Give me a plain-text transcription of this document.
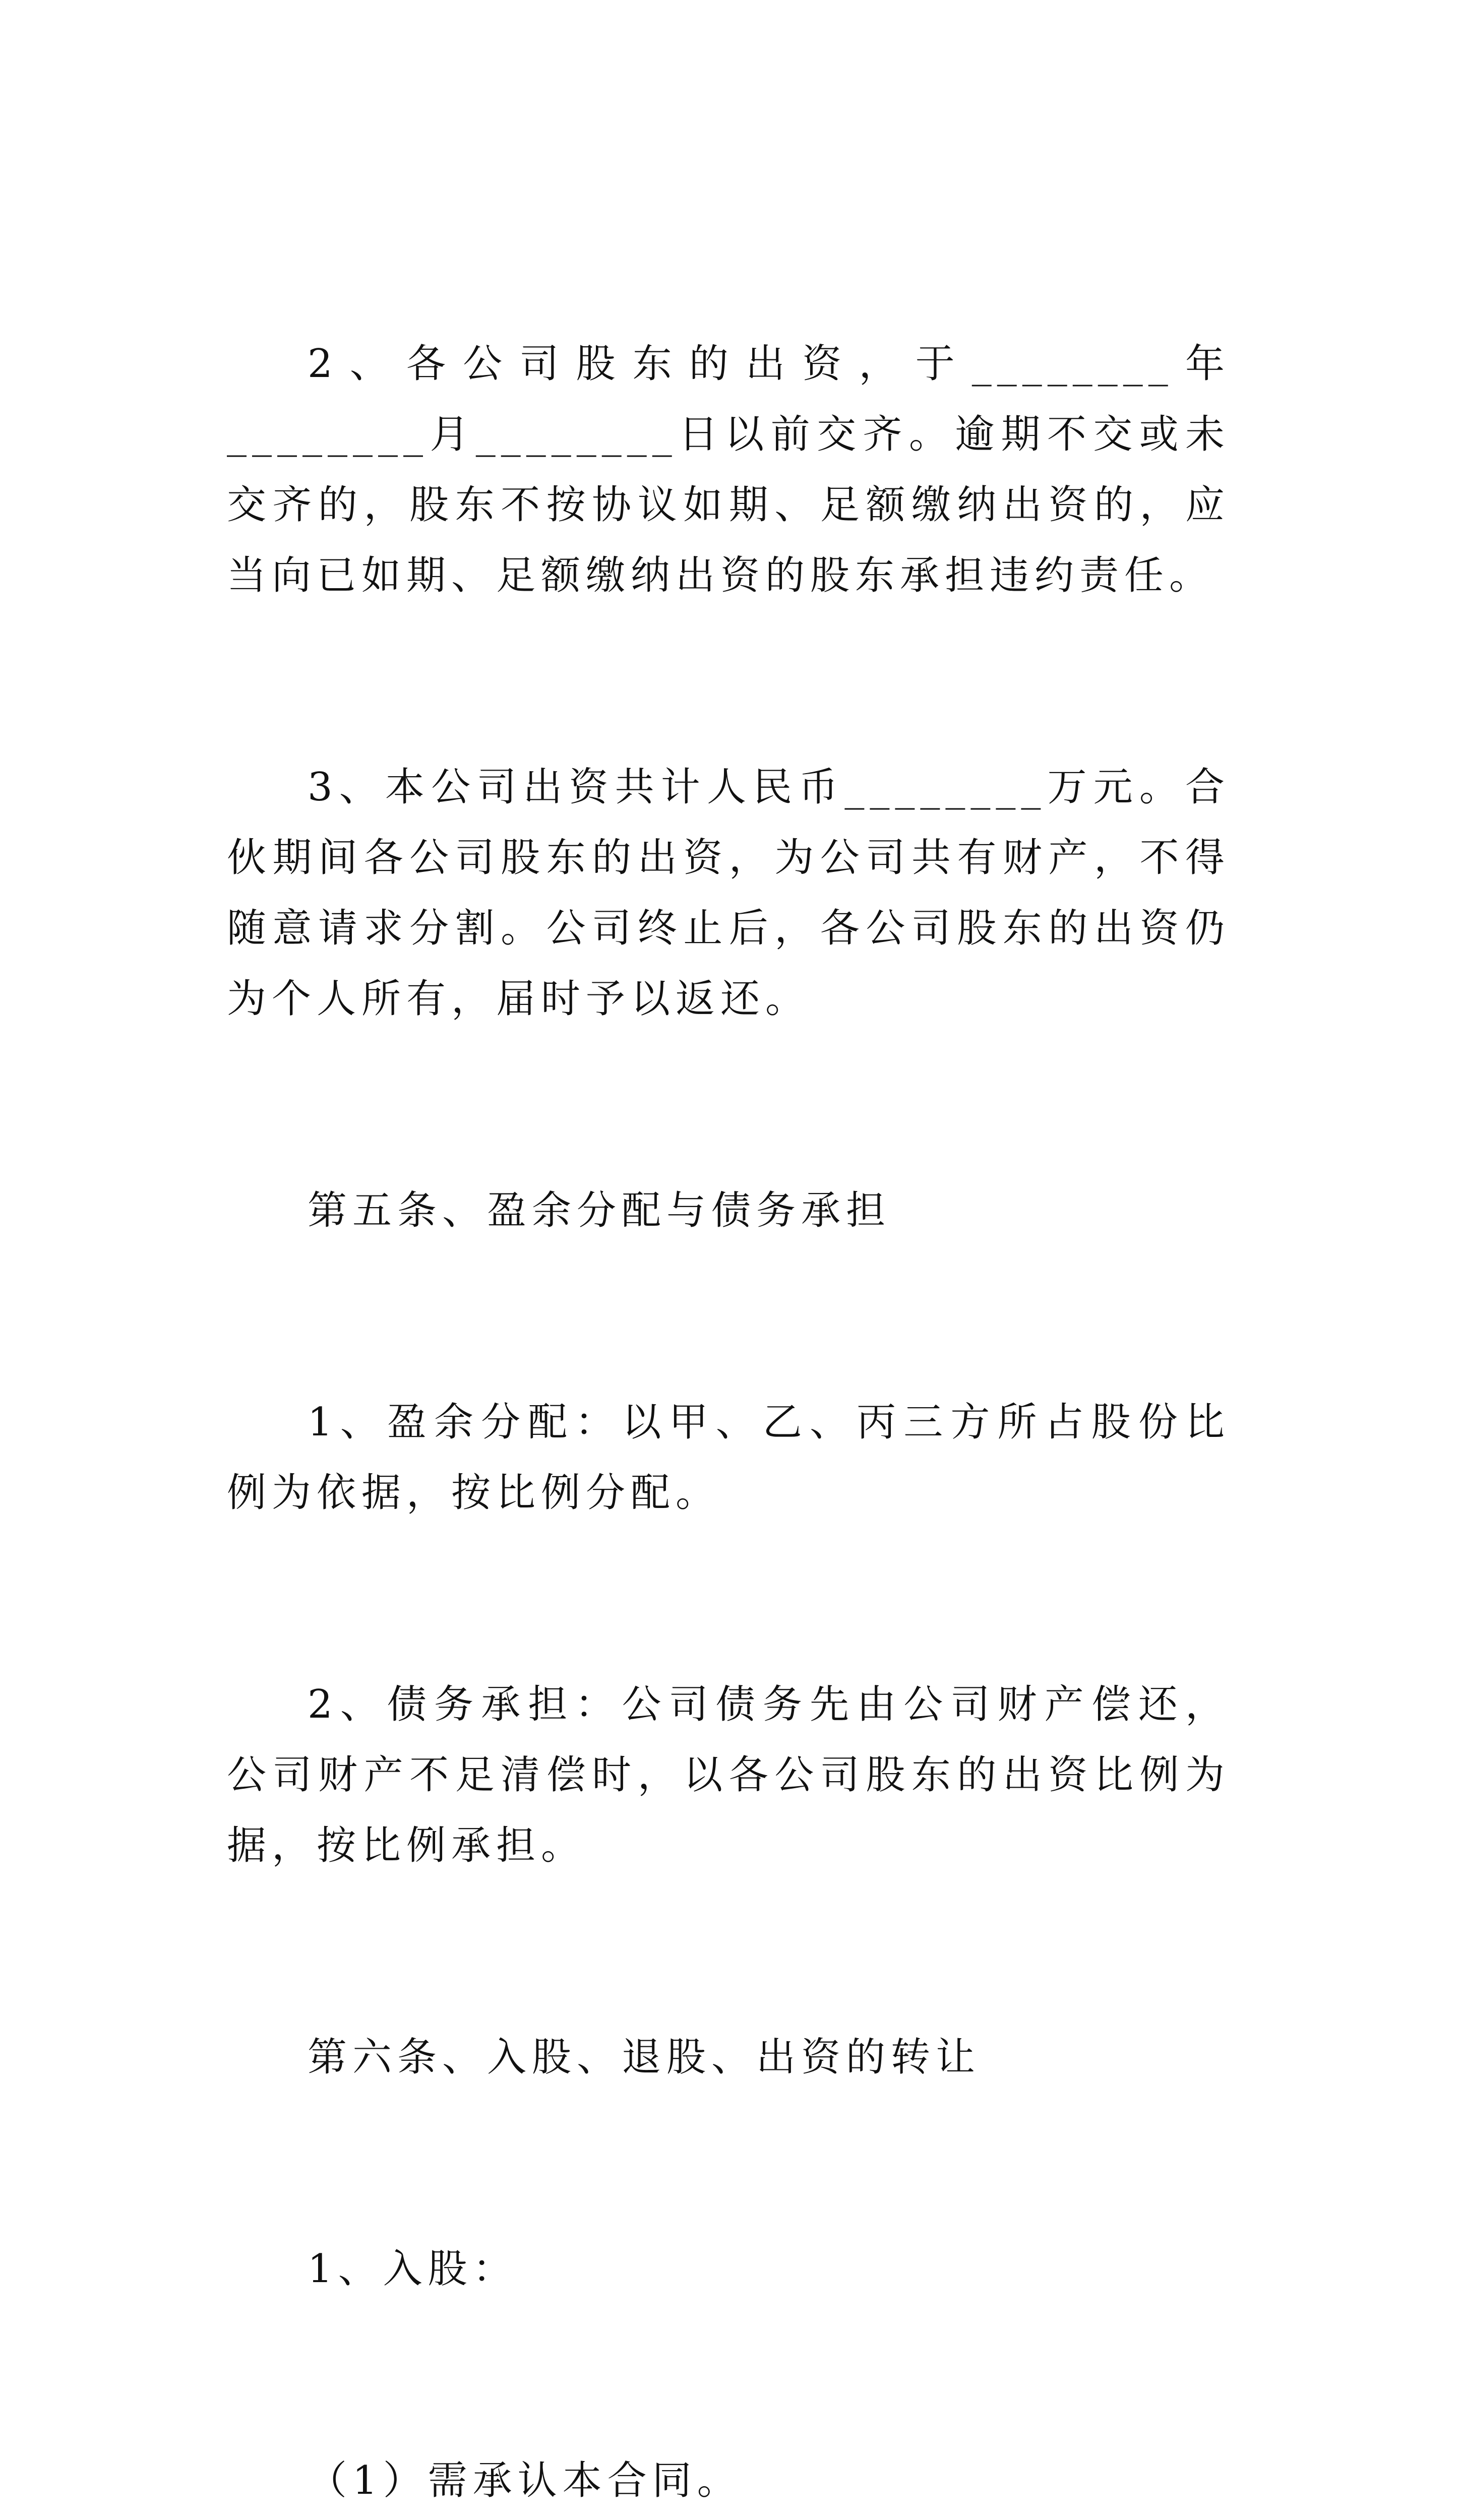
2、各公司股东的出资，于________年________月________日以前交齐。逾期不交或未交齐的，股东不按协议如期、足额缴纳出资的，应当向已如期、足额缴纳出资的股东承担违约责任。

3、本公司出资共计人民币________万元。合伙期间各公司股东的出资，为公司共有财产，不得随意请求分割。公司终止后，各公司股东的出资仍为个人所有，届时予以返还。

第五条、盈余分配与债务承担

1、盈余分配：以甲、乙、丙三方所占股份比例为依据，按比例分配。

2、债务承担：公司债务先由公司财产偿还，公司财产不足清偿时，以各公司股东的出资比例为据，按比例承担。

第六条、入股、退股、出资的转让

1、入股：

（1）需承认本合同。
